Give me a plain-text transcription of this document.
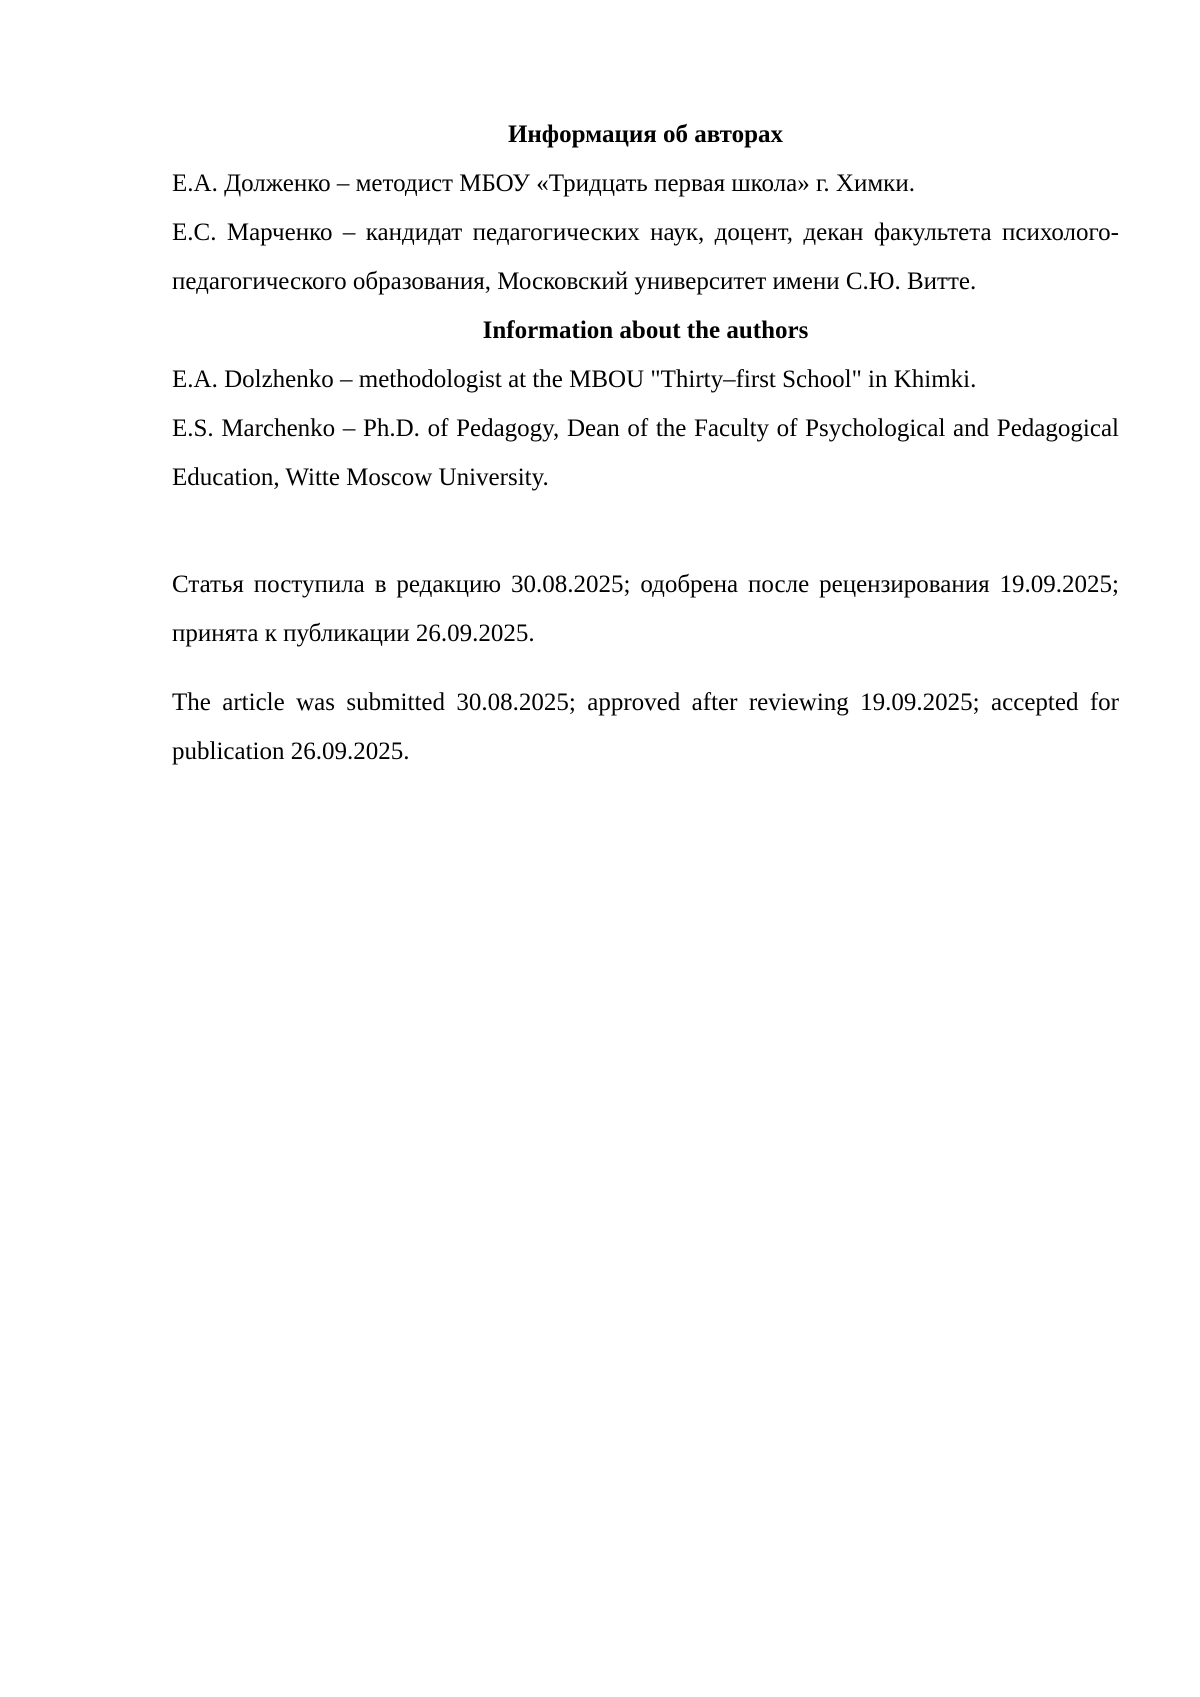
Информация об авторах

Е.А. Долженко – методист МБОУ «Тридцать первая школа» г. Химки.

Е.С. Марченко – кандидат педагогических наук, доцент, декан факультета психолого-педагогического образования, Московский университет имени С.Ю. Витте.

Information about the authors

E.A. Dolzhenko – methodologist at the MBOU "Thirty–first School" in Khimki.

E.S. Marchenko – Ph.D. of Pedagogy, Dean of the Faculty of Psychological and Pedagogical Education, Witte Moscow University.

Статья поступила в редакцию 30.08.2025; одобрена после рецензирования 19.09.2025; принята к публикации 26.09.2025.

The article was submitted 30.08.2025; approved after reviewing 19.09.2025; accepted for publication 26.09.2025.
